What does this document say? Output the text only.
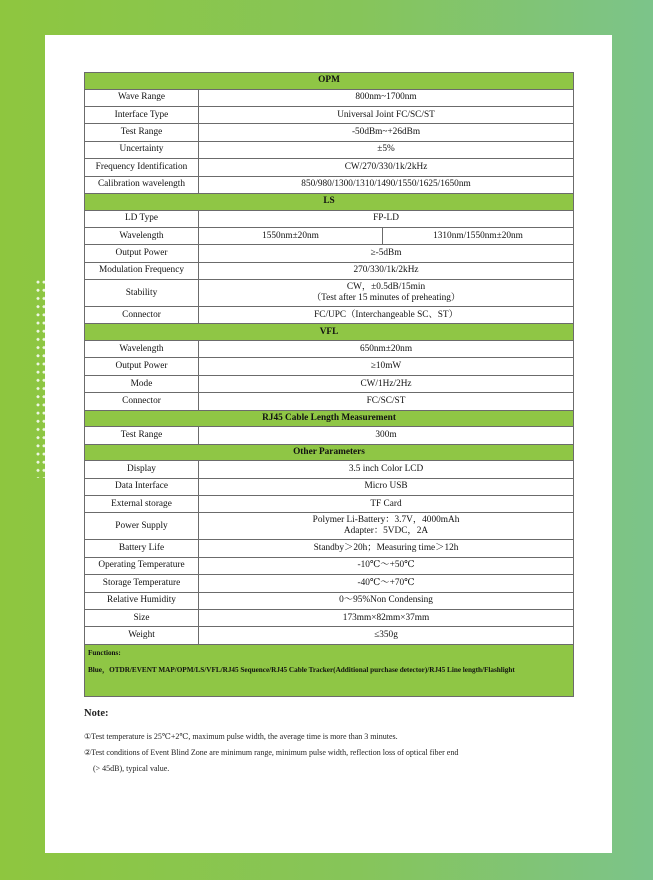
OPM		
Wave Range	800nm~1700nm	
Interface Type	Universal Joint FC/SC/ST	
Test Range	-50dBm~+26dBm	
Uncertainty	±5%	
Frequency Identification	CW/270/330/1k/2kHz	
Calibration wavelength	850/980/1300/1310/1490/1550/1625/1650nm	
LS		
LD Type	FP-LD	
Wavelength	1550nm±20nm	1310nm/1550nm±20nm
Output Power	≥-5dBm	
Modulation Frequency	270/330/1k/2kHz	
Stability	CW，±0.5dB/15min
（Test after 15 minutes of preheating）	

Connector	FC/UPC（Interchangeable SC、ST）	
VFL		
Wavelength	650nm±20nm	
Output Power	≥10mW	
Mode	CW/1Hz/2Hz	
Connector	FC/SC/ST	
RJ45 Cable Length Measurement		
Test Range	300m	
Other Parameters		
Display	3.5 inch Color LCD	
Data Interface	Micro USB	
External storage	TF Card	
Power Supply	Polymer Li-Battery：3.7V，4000mAh
Adapter：5VDC，2A	

Battery Life	Standby＞20h；Measuring time＞12h	
Operating Temperature	-10℃～+50℃	
Storage Temperature	-40℃～+70℃	
Relative Humidity	0～95%Non Condensing	
Size	173mm×82mm×37mm	
Weight	≤350g	

Functions:
Blue，OTDR/EVENT MAP/OPM/LS/VFL/RJ45 Sequence/RJ45 Cable Tracker(Additional purchase detector)/RJ45 Line length/Flashlight		
Note:
①Test temperature is 25℃+2℃, maximum pulse width, the average time is more than 3 minutes.
②Test conditions of Event Blind Zone are minimum range, minimum pulse width, reflection loss of optical fiber end
(> 45dB), typical value.
